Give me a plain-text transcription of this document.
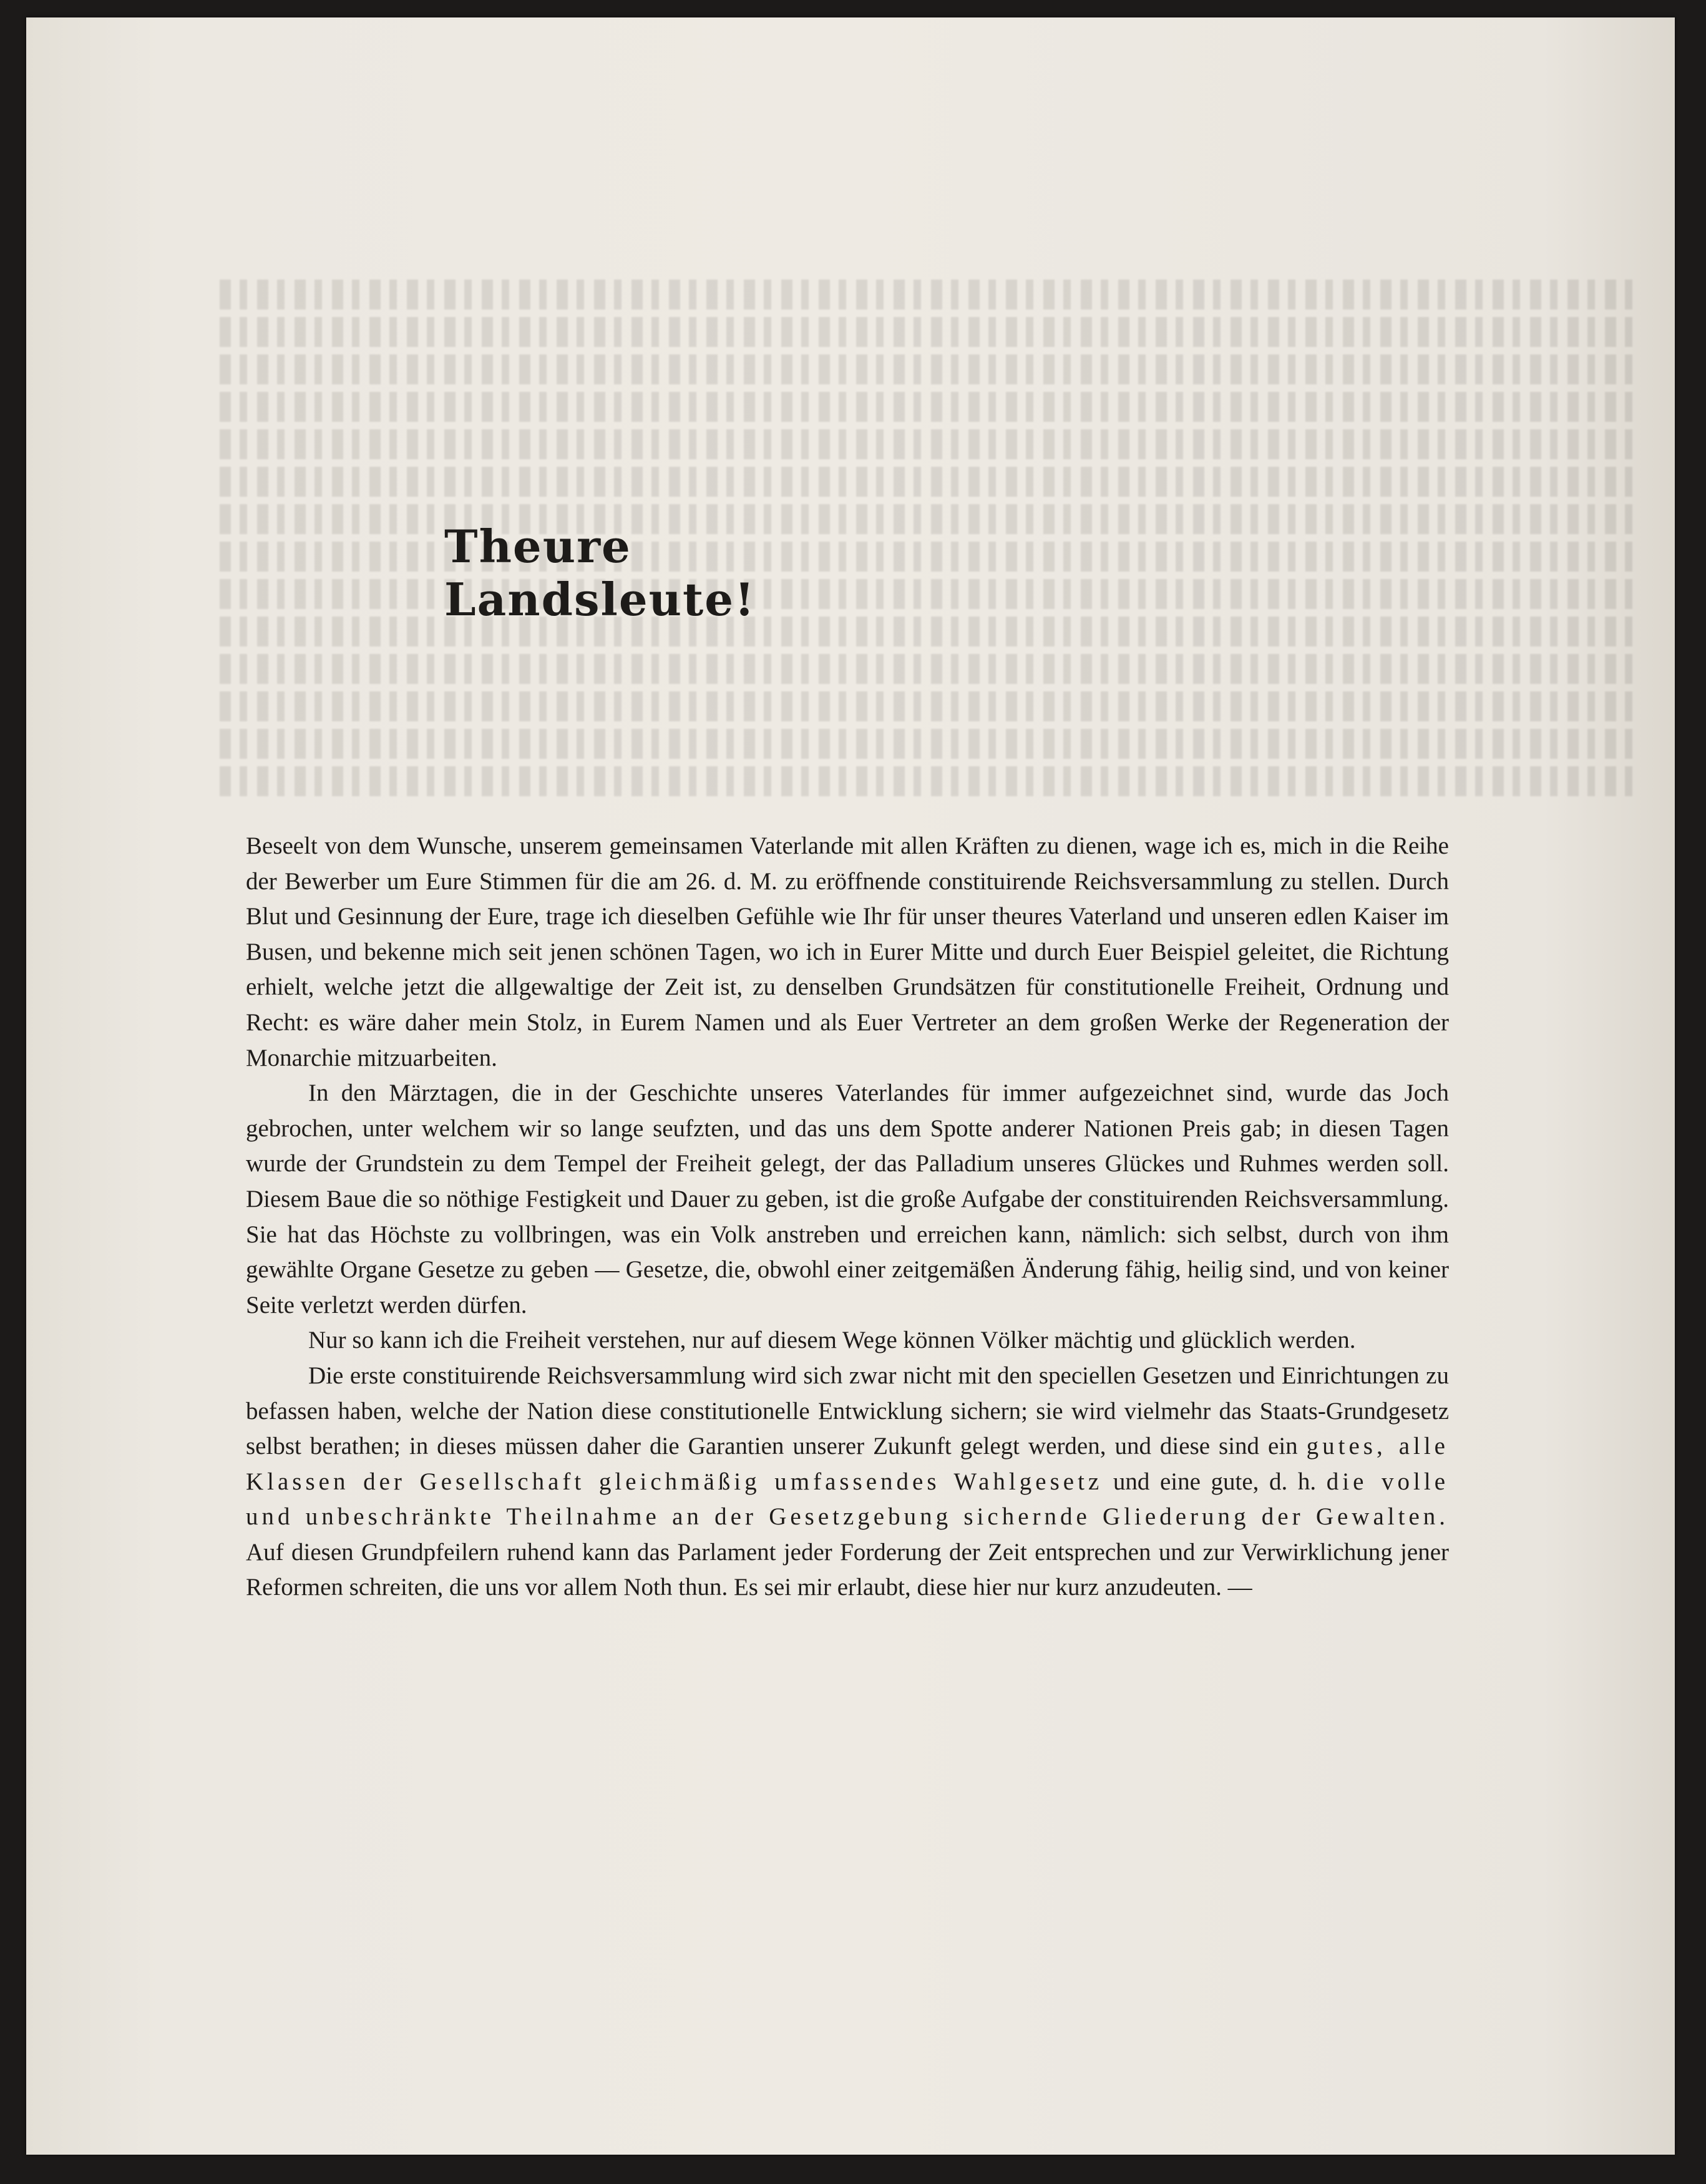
Theure Landsleute!

Beseelt von dem Wunsche, unserem gemeinsamen Vaterlande mit allen Kräften zu dienen, wage ich es, mich in die Reihe der Bewerber um Eure Stimmen für die am 26. d. M. zu eröffnende constituirende Reichsversammlung zu stellen. Durch Blut und Gesinnung der Eure, trage ich dieselben Gefühle wie Ihr für unser theures Vaterland und unseren edlen Kaiser im Busen, und bekenne mich seit jenen schönen Tagen, wo ich in Eurer Mitte und durch Euer Beispiel geleitet, die Richtung erhielt, welche jetzt die allgewaltige der Zeit ist, zu denselben Grundsätzen für constitutionelle Freiheit, Ordnung und Recht: es wäre daher mein Stolz, in Eurem Namen und als Euer Vertreter an dem großen Werke der Regeneration der Monarchie mitzuarbeiten.

In den Märztagen, die in der Geschichte unseres Vaterlandes für immer aufgezeichnet sind, wurde das Joch gebrochen, unter welchem wir so lange seufzten, und das uns dem Spotte anderer Nationen Preis gab; in diesen Tagen wurde der Grundstein zu dem Tempel der Freiheit gelegt, der das Palladium unseres Glückes und Ruhmes werden soll. Diesem Baue die so nöthige Festigkeit und Dauer zu geben, ist die große Aufgabe der constituirenden Reichsversammlung. Sie hat das Höchste zu vollbringen, was ein Volk anstreben und erreichen kann, nämlich: sich selbst, durch von ihm gewählte Organe Gesetze zu geben — Gesetze, die, obwohl einer zeitgemäßen Änderung fähig, heilig sind, und von keiner Seite verletzt werden dürfen.

Nur so kann ich die Freiheit verstehen, nur auf diesem Wege können Völker mächtig und glücklich werden.

Die erste constituirende Reichsversammlung wird sich zwar nicht mit den speciellen Gesetzen und Einrichtungen zu befassen haben, welche der Nation diese constitutionelle Entwicklung sichern; sie wird vielmehr das Staats-Grundgesetz selbst berathen; in dieses müssen daher die Garantien unserer Zukunft gelegt werden, und diese sind ein gutes, alle Klassen der Gesellschaft gleichmäßig umfassendes Wahlgesetz und eine gute, d. h. die volle und unbeschränkte Theilnahme an der Gesetzgebung sichernde Gliederung der Gewalten. Auf diesen Grundpfeilern ruhend kann das Parlament jeder Forderung der Zeit entsprechen und zur Verwirklichung jener Reformen schreiten, die uns vor allem Noth thun. Es sei mir erlaubt, diese hier nur kurz anzudeuten. —
